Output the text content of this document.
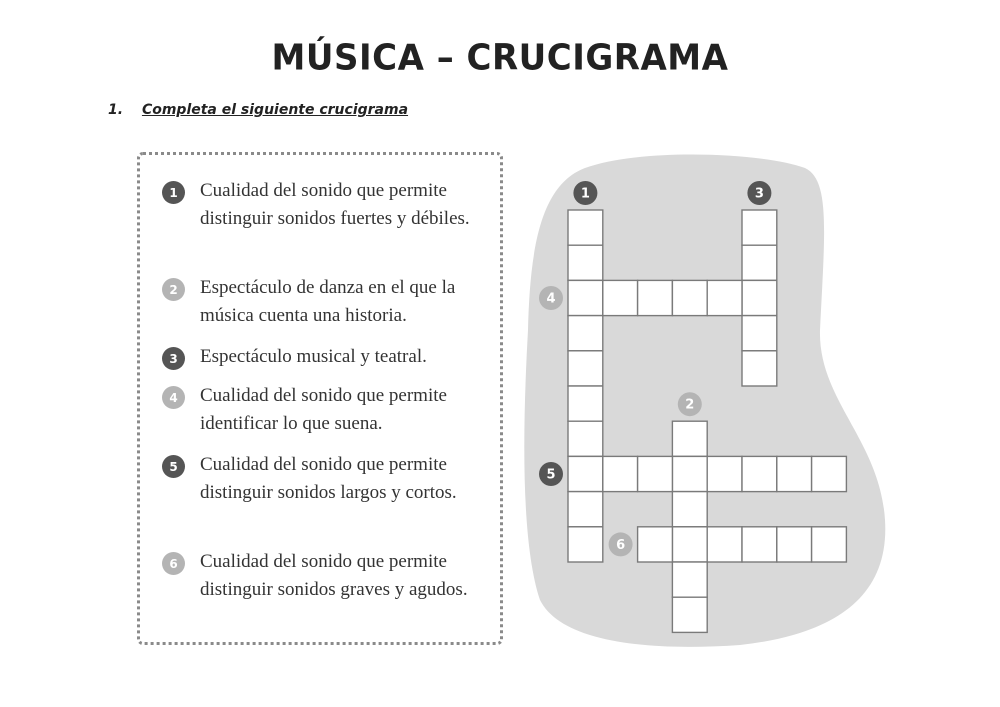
MÚSICA – CRUCIGRAMA
1. Completa el siguiente crucigrama
1	Cualidad del sonido que permite distinguir sonidos fuertes y débiles.
2	Espectáculo de danza en el que la música cuenta una historia.
3	Espectáculo musical y teatral.
4	Cualidad del sonido que permite identificar lo que suena.
5	Cualidad del sonido que permite distinguir sonidos largos y cortos.
6	Cualidad del sonido que permite distinguir sonidos graves y agudos.
1	3
4
2
5
6
